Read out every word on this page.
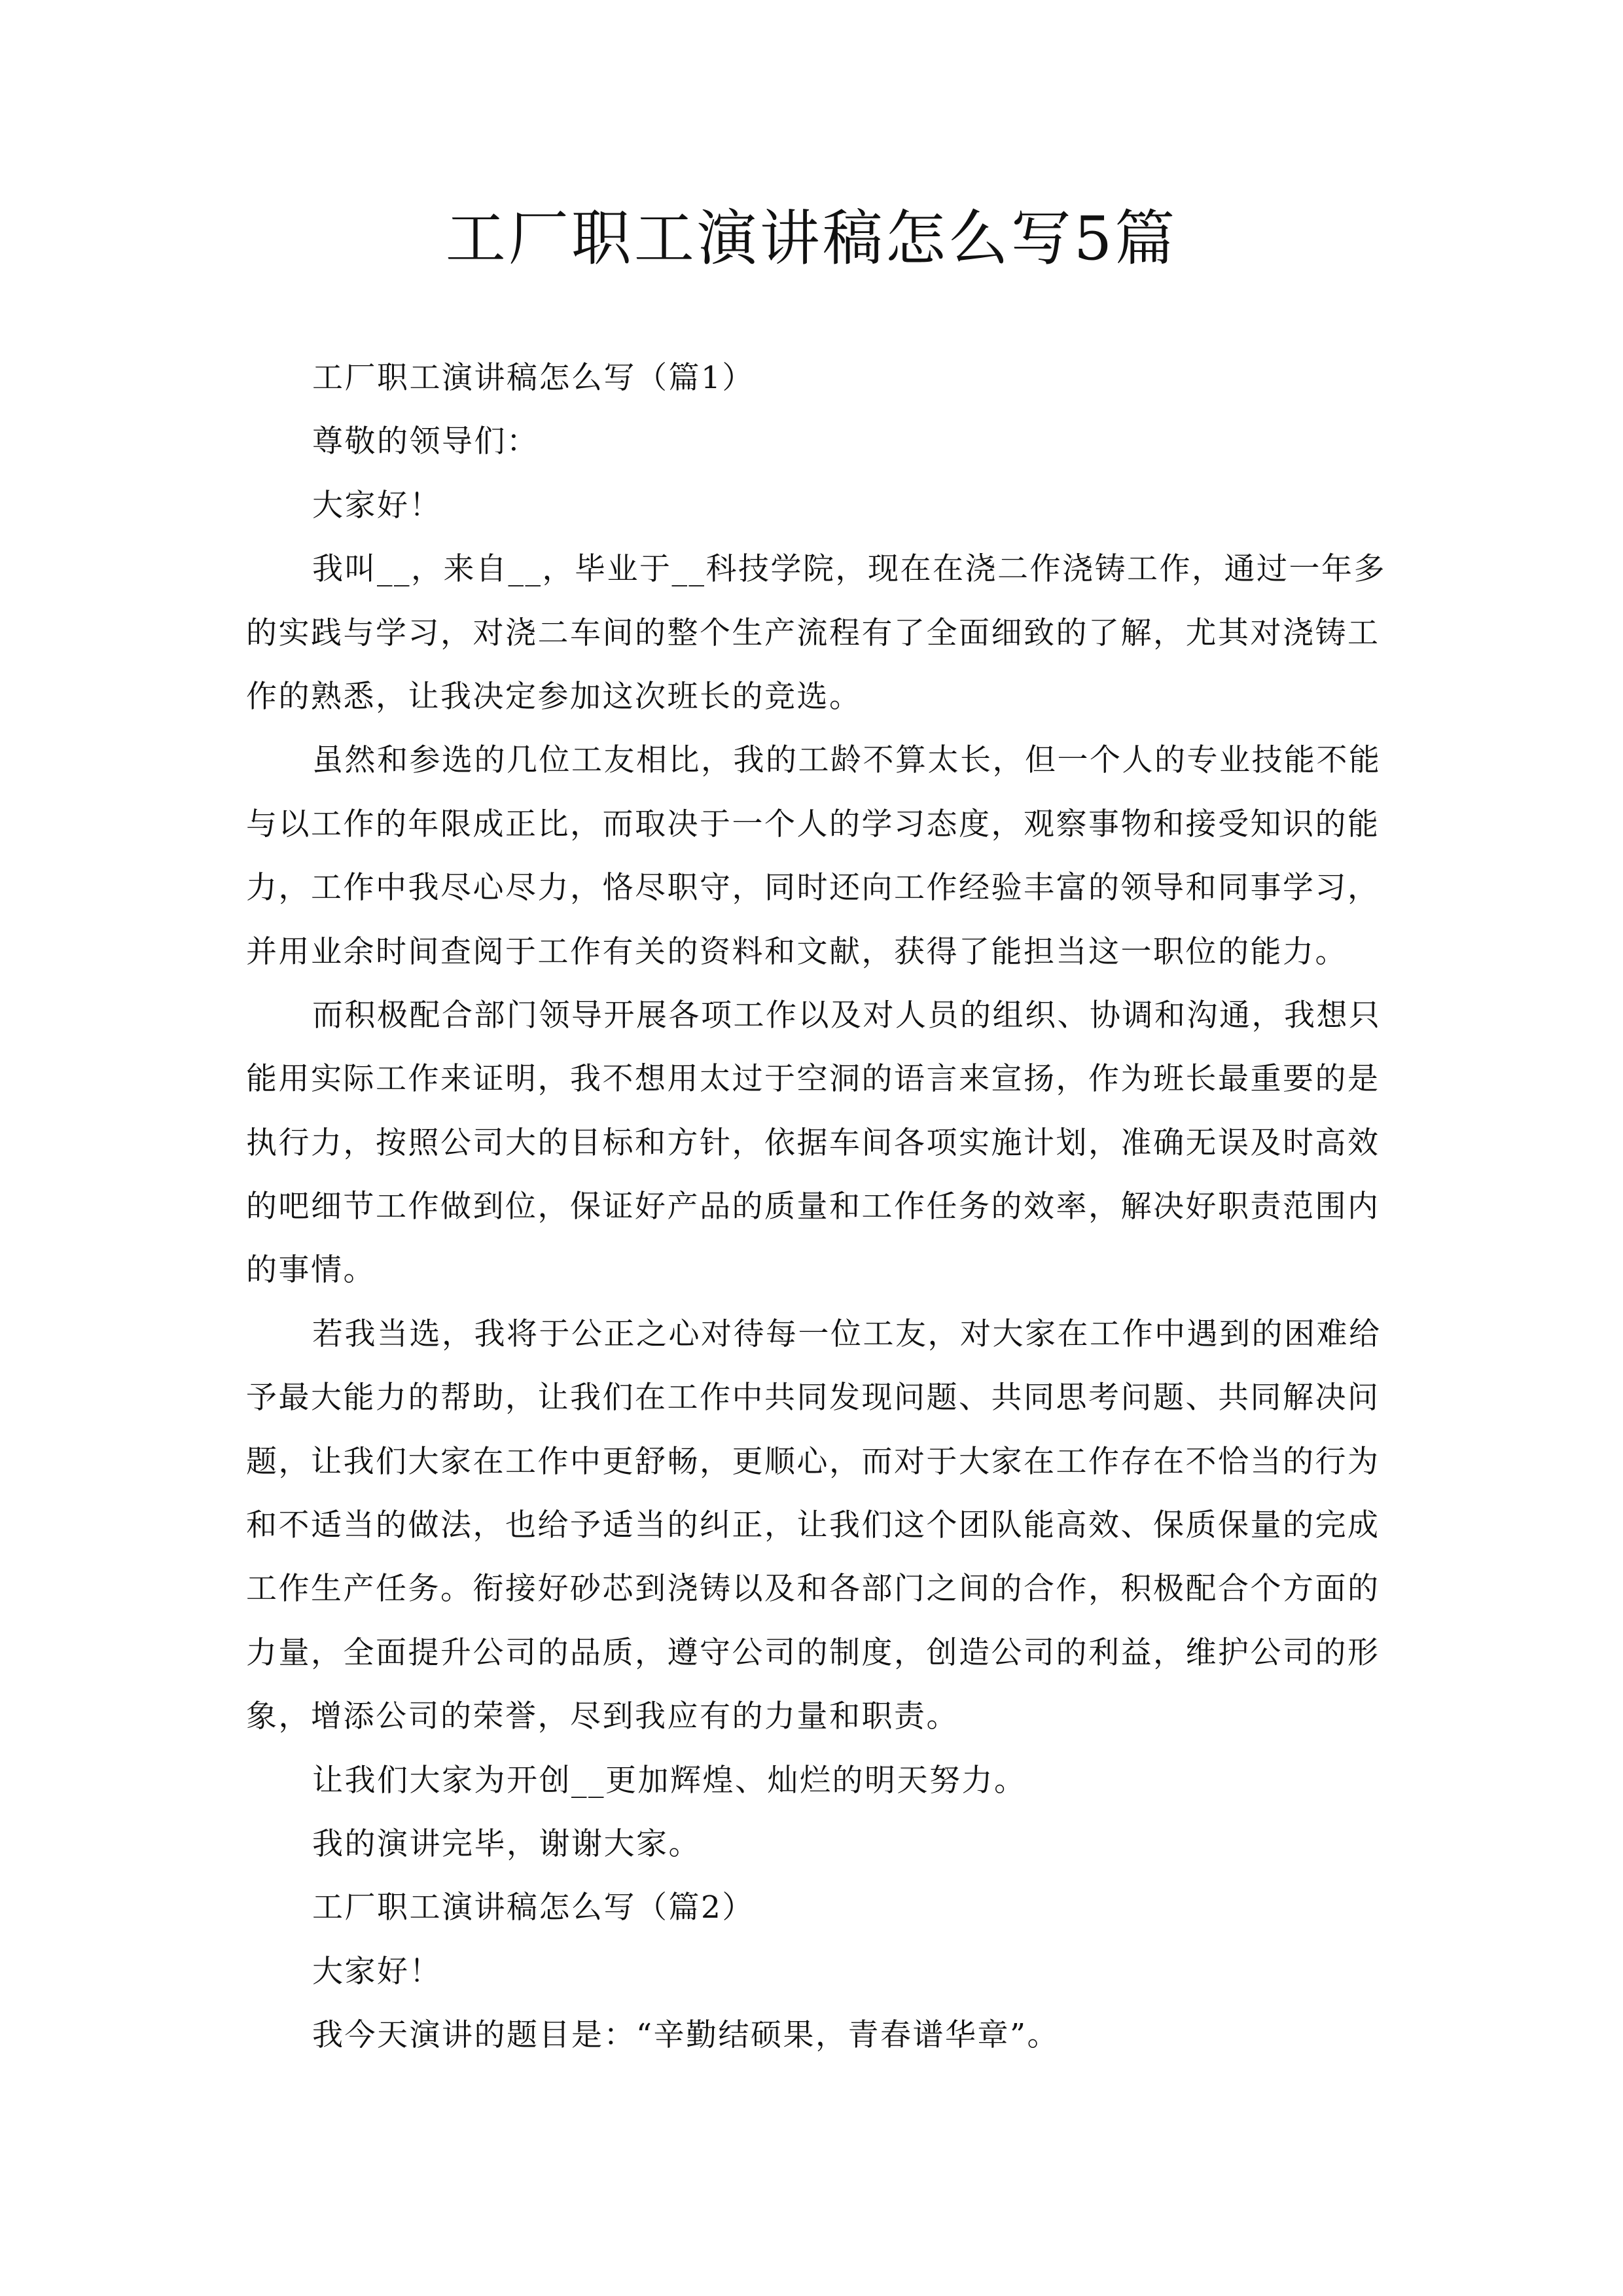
工厂职工演讲稿怎么写5篇
工厂职工演讲稿怎么写（篇1）
尊敬的领导们：
大家好！
我叫__，来自__，毕业于__科技学院，现在在浇二作浇铸工作，通过一年多
的实践与学习，对浇二车间的整个生产流程有了全面细致的了解，尤其对浇铸工
作的熟悉，让我决定参加这次班长的竞选。
虽然和参选的几位工友相比，我的工龄不算太长，但一个人的专业技能不能
与以工作的年限成正比，而取决于一个人的学习态度，观察事物和接受知识的能
力，工作中我尽心尽力，恪尽职守，同时还向工作经验丰富的领导和同事学习，
并用业余时间查阅于工作有关的资料和文献，获得了能担当这一职位的能力。
而积极配合部门领导开展各项工作以及对人员的组织、协调和沟通，我想只
能用实际工作来证明，我不想用太过于空洞的语言来宣扬，作为班长最重要的是
执行力，按照公司大的目标和方针，依据车间各项实施计划，准确无误及时高效
的吧细节工作做到位，保证好产品的质量和工作任务的效率，解决好职责范围内
的事情。
若我当选，我将于公正之心对待每一位工友，对大家在工作中遇到的困难给
予最大能力的帮助，让我们在工作中共同发现问题、共同思考问题、共同解决问
题，让我们大家在工作中更舒畅，更顺心，而对于大家在工作存在不恰当的行为
和不适当的做法，也给予适当的纠正，让我们这个团队能高效、保质保量的完成
工作生产任务。衔接好砂芯到浇铸以及和各部门之间的合作，积极配合个方面的
力量，全面提升公司的品质，遵守公司的制度，创造公司的利益，维护公司的形
象，增添公司的荣誉，尽到我应有的力量和职责。
让我们大家为开创__更加辉煌、灿烂的明天努力。
我的演讲完毕，谢谢大家。
工厂职工演讲稿怎么写（篇2）
大家好！
我今天演讲的题目是：“辛勤结硕果，青春谱华章”。
